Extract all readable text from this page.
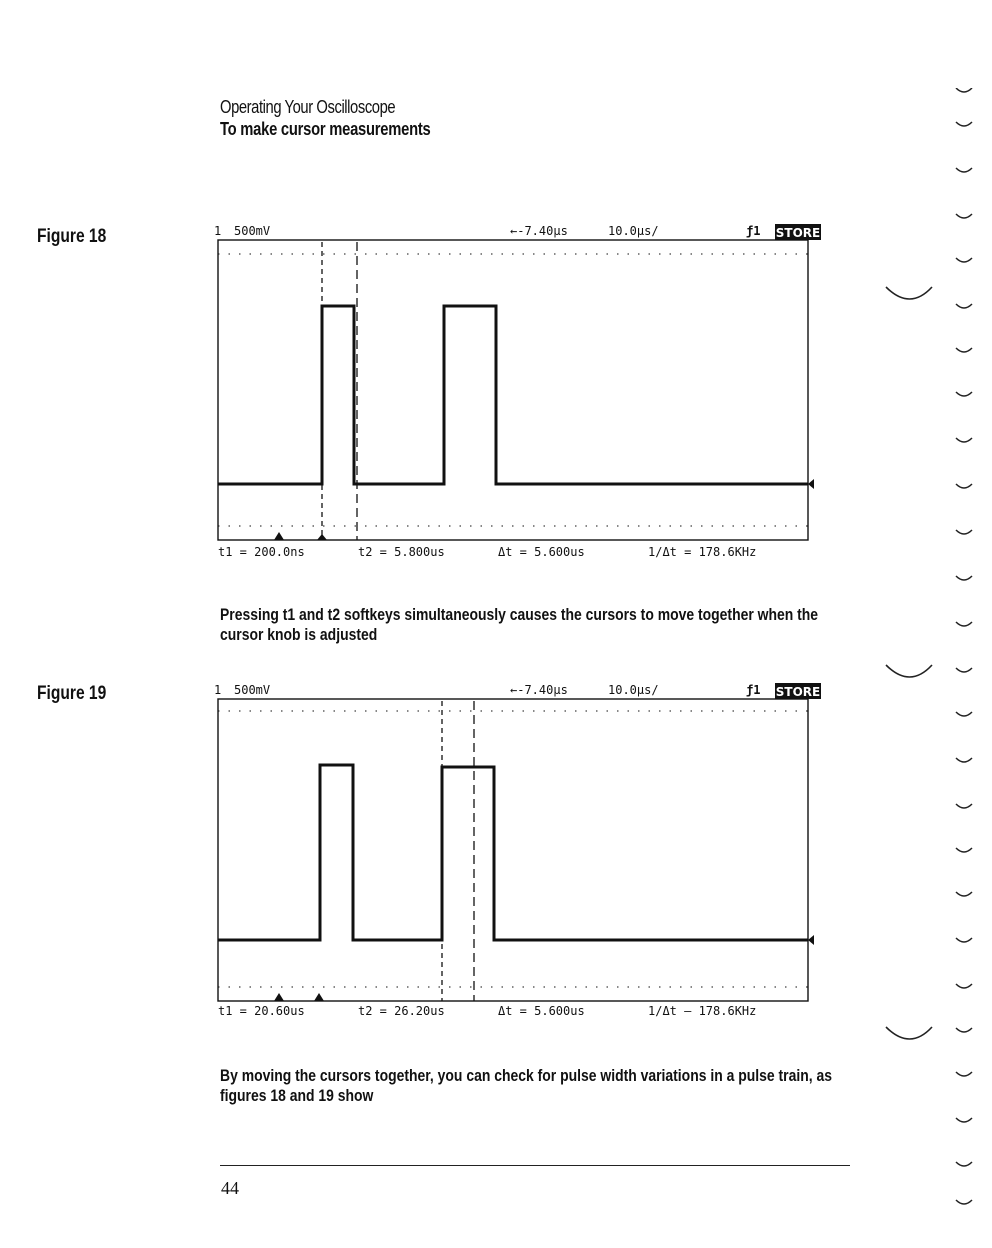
Operating Your Oscilloscope
To make cursor measurements
Figure 18	1 500mV	←-7.40µs	10.0µs/	ƒ1 STORE
t1 = 200.0ns	t2 = 5.800us	Δt = 5.600us	1/Δt = 178.6KHz
Pressing t1 and t2 softkeys simultaneously causes the cursors to move together when the cursor knob is adjusted
Figure 19	1 500mV	←-7.40µs	10.0µs/	ƒ1 STORE
t1 = 20.60us	t2 = 26.20us	Δt = 5.600us	1/Δt – 178.6KHz
By moving the cursors together, you can check for pulse width variations in a pulse train, as figures 18 and 19 show
44
